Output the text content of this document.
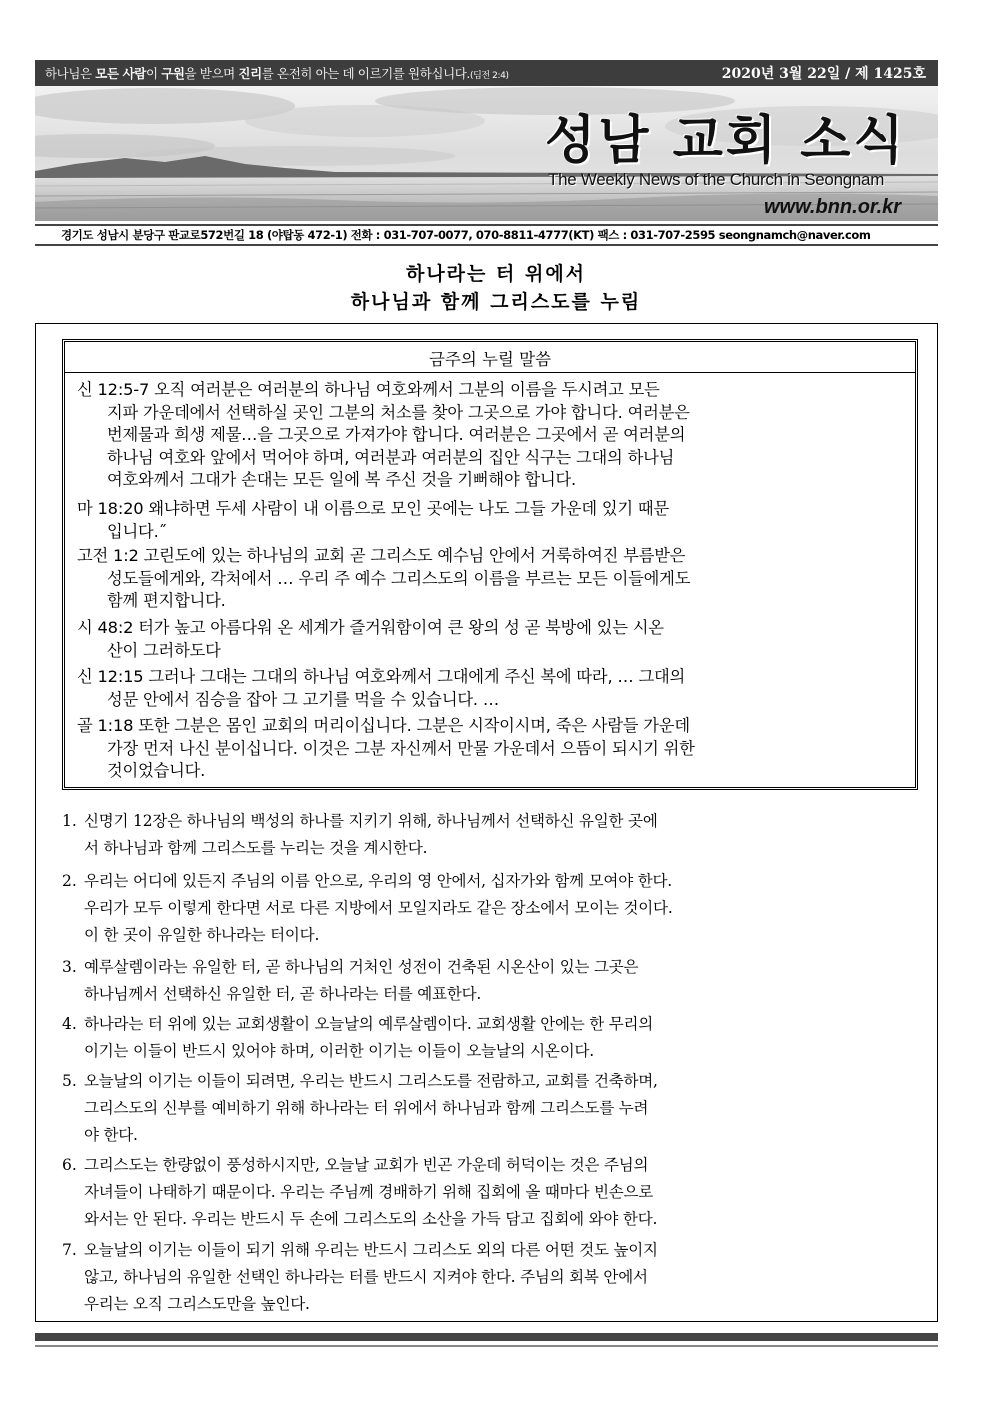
하나님은 모든 사람이 구원을 받으며 진리를 온전히 아는 데 이르기를 원하십니다.(딤전 2:4)	2020년 3월 22일 / 제 1425호
성남 교회 소식
The Weekly News of the Church in Seongnam
www.bnn.or.kr
경기도 성남시 분당구 판교로572번길 18 (야탑동 472-1) 전화 : 031-707-0077, 070-8811-4777(KT) 팩스 : 031-707-2595 seongnamch@naver.com
하나라는 터 위에서
하나님과 함께 그리스도를 누림
금주의 누릴 말씀
신 12:5-7 오직 여러분은 여러분의 하나님 여호와께서 그분의 이름을 두시려고 모든
지파 가운데에서 선택하실 곳인 그분의 처소를 찾아 그곳으로 가야 합니다. 여러분은
번제물과 희생 제물…을 그곳으로 가져가야 합니다. 여러분은 그곳에서 곧 여러분의
하나님 여호와 앞에서 먹어야 하며, 여러분과 여러분의 집안 식구는 그대의 하나님
여호와께서 그대가 손대는 모든 일에 복 주신 것을 기뻐해야 합니다.
마 18:20 왜냐하면 두세 사람이 내 이름으로 모인 곳에는 나도 그들 가운데 있기 때문
입니다.˝
고전 1:2 고린도에 있는 하나님의 교회 곧 그리스도 예수님 안에서 거룩하여진 부름받은
성도들에게와, 각처에서 … 우리 주 예수 그리스도의 이름을 부르는 모든 이들에게도
함께 편지합니다.
시 48:2 터가 높고 아름다워 온 세계가 즐거워함이여 큰 왕의 성 곧 북방에 있는 시온
산이 그러하도다
신 12:15 그러나 그대는 그대의 하나님 여호와께서 그대에게 주신 복에 따라, … 그대의
성문 안에서 짐승을 잡아 그 고기를 먹을 수 있습니다. …
골 1:18 또한 그분은 몸인 교회의 머리이십니다. 그분은 시작이시며, 죽은 사람들 가운데
가장 먼저 나신 분이십니다. 이것은 그분 자신께서 만물 가운데서 으뜸이 되시기 위한
것이었습니다.
1. 신명기 12장은 하나님의 백성의 하나를 지키기 위해, 하나님께서 선택하신 유일한 곳에
서 하나님과 함께 그리스도를 누리는 것을 계시한다.
2. 우리는 어디에 있든지 주님의 이름 안으로, 우리의 영 안에서, 십자가와 함께 모여야 한다.
우리가 모두 이렇게 한다면 서로 다른 지방에서 모일지라도 같은 장소에서 모이는 것이다.
이 한 곳이 유일한 하나라는 터이다.
3. 예루살렘이라는 유일한 터, 곧 하나님의 거처인 성전이 건축된 시온산이 있는 그곳은
하나님께서 선택하신 유일한 터, 곧 하나라는 터를 예표한다.
4. 하나라는 터 위에 있는 교회생활이 오늘날의 예루살렘이다. 교회생활 안에는 한 무리의
이기는 이들이 반드시 있어야 하며, 이러한 이기는 이들이 오늘날의 시온이다.
5. 오늘날의 이기는 이들이 되려면, 우리는 반드시 그리스도를 전람하고, 교회를 건축하며,
그리스도의 신부를 예비하기 위해 하나라는 터 위에서 하나님과 함께 그리스도를 누려
야 한다.
6. 그리스도는 한량없이 풍성하시지만, 오늘날 교회가 빈곤 가운데 허덕이는 것은 주님의
자녀들이 나태하기 때문이다. 우리는 주님께 경배하기 위해 집회에 올 때마다 빈손으로
와서는 안 된다. 우리는 반드시 두 손에 그리스도의 소산을 가득 담고 집회에 와야 한다.
7. 오늘날의 이기는 이들이 되기 위해 우리는 반드시 그리스도 외의 다른 어떤 것도 높이지
않고, 하나님의 유일한 선택인 하나라는 터를 반드시 지켜야 한다. 주님의 회복 안에서
우리는 오직 그리스도만을 높인다.
